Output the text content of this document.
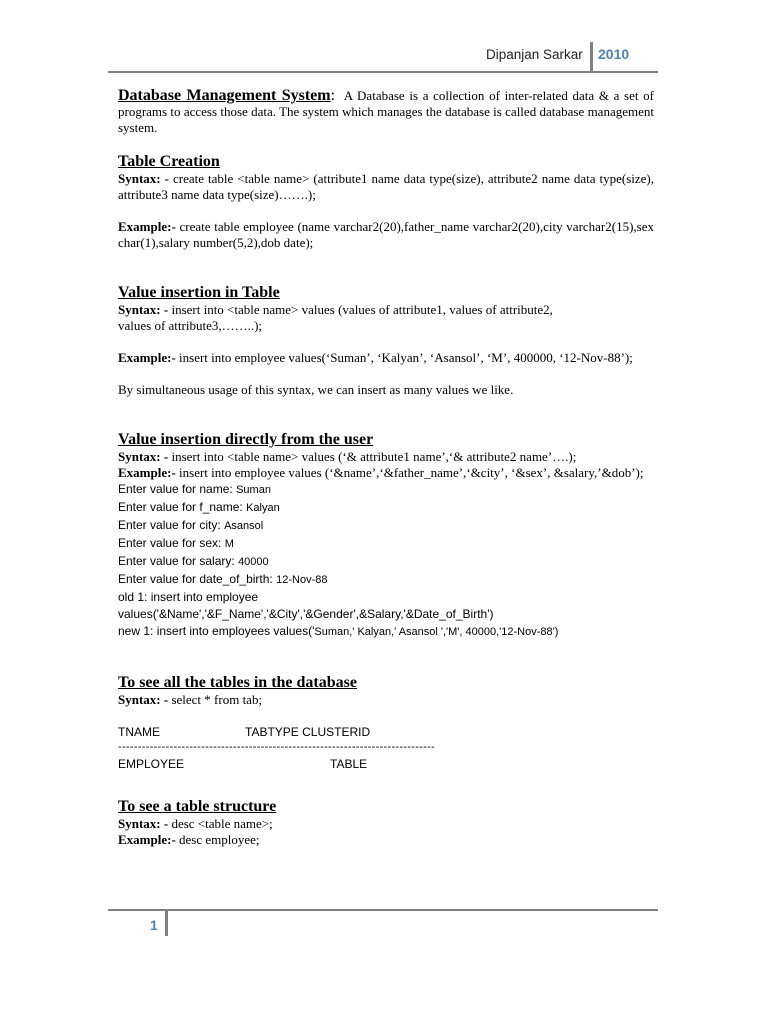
Dipanjan Sarkar 2010

Database Management System: A Database is a collection of inter-related data & a set of programs to access those data. The system which manages the database is called database management system.

Table Creation

Syntax: - create table <table name> (attribute1 name data type(size), attribute2 name data type(size), attribute3 name data type(size)…….);

Example:- create table employee (name varchar2(20),father_name varchar2(20),city varchar2(15),sex char(1),salary number(5,2),dob date);

Value insertion in Table

Syntax: - insert into <table name> values (values of attribute1, values of attribute2,
values of attribute3,……..);

Example:- insert into employee values(‘Suman’, ‘Kalyan’, ‘Asansol’, ‘M’, 400000, ‘12-Nov-88’);

By simultaneous usage of this syntax, we can insert as many values we like.

Value insertion directly from the user

Syntax: - insert into <table name> values (‘& attribute1 name’,‘& attribute2 name’….);

Example:- insert into employee values (‘&name’,‘&father_name’,‘&city’, ‘&sex’, &salary,’&dob’);

Enter value for name: Suman
Enter value for f_name: Kalyan
Enter value for city: Asansol
Enter value for sex: M
Enter value for salary: 40000
Enter value for date_of_birth: 12-Nov-88
old 1: insert into employee
values('&Name','&F_Name','&City','&Gender',&Salary,'&Date_of_Birth')
new 1: insert into employees values('Suman,' Kalyan,' Asansol ','M', 40000,'12-Nov-88')
To see all the tables in the database

Syntax: - select * from tab;

TNAME	TABTYPE CLUSTERID
--------------------------------------------------------------------------------
EMPLOYEE	TABLE
To see a table structure

Syntax: - desc <table name>;

Example:- desc employee;

1
